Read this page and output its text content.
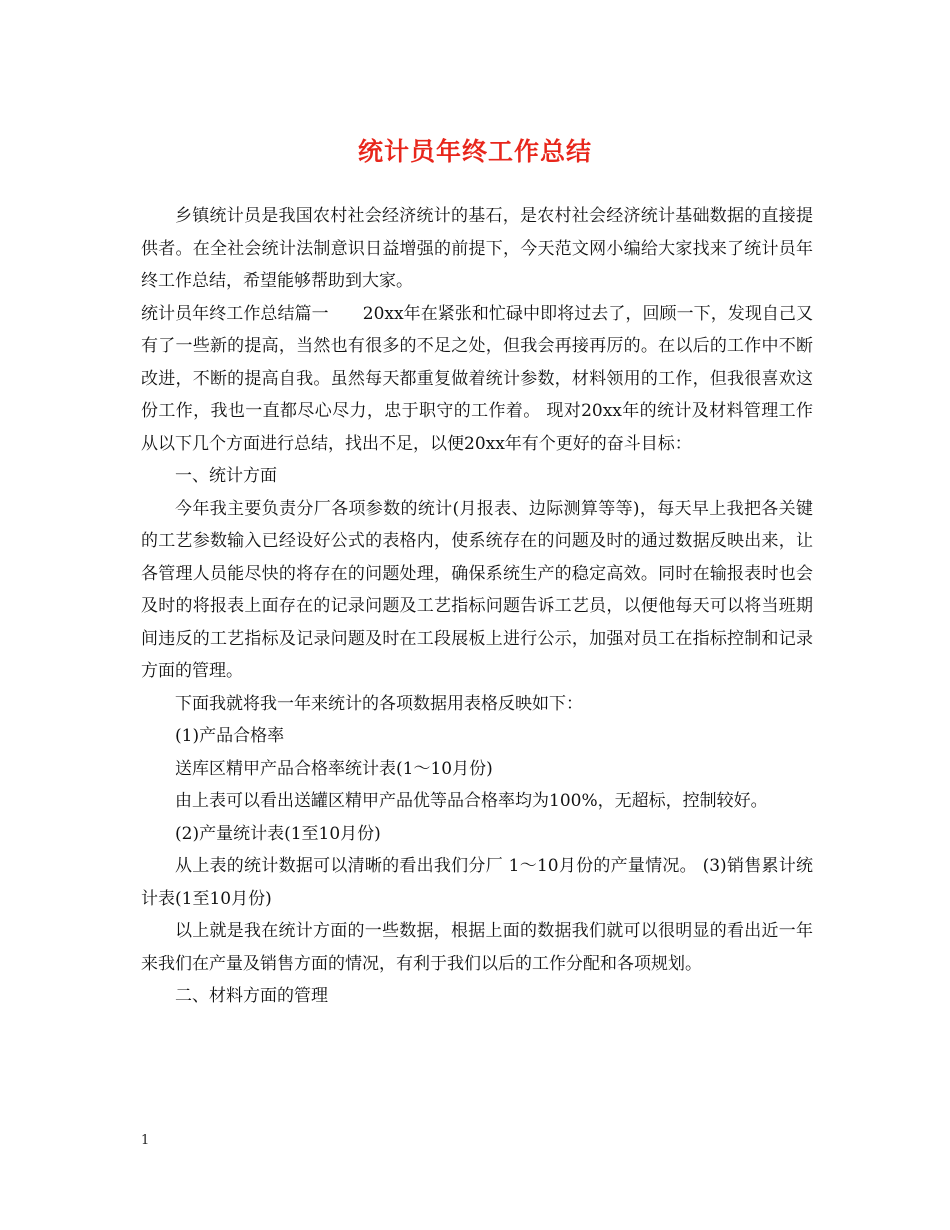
统计员年终工作总结

乡镇统计员是我国农村社会经济统计的基石，是农村社会经济统计基础数据的直接提供者。在全社会统计法制意识日益增强的前提下，今天范文网小编给大家找来了统计员年终工作总结，希望能够帮助到大家。

统计员年终工作总结篇一　　20xx年在紧张和忙碌中即将过去了，回顾一下，发现自己又有了一些新的提高，当然也有很多的不足之处，但我会再接再厉的。在以后的工作中不断改进，不断的提高自我。虽然每天都重复做着统计参数，材料领用的工作，但我很喜欢这份工作，我也一直都尽心尽力，忠于职守的工作着。 现对20xx年的统计及材料管理工作从以下几个方面进行总结，找出不足，以便20xx年有个更好的奋斗目标：

一、统计方面

今年我主要负责分厂各项参数的统计(月报表、边际测算等等)，每天早上我把各关键的工艺参数输入已经设好公式的表格内，使系统存在的问题及时的通过数据反映出来，让各管理人员能尽快的将存在的问题处理，确保系统生产的稳定高效。同时在输报表时也会及时的将报表上面存在的记录问题及工艺指标问题告诉工艺员，以便他每天可以将当班期间违反的工艺指标及记录问题及时在工段展板上进行公示，加强对员工在指标控制和记录方面的管理。

下面我就将我一年来统计的各项数据用表格反映如下：

(1)产品合格率

送库区精甲产品合格率统计表(1～10月份)

由上表可以看出送罐区精甲产品优等品合格率均为100%，无超标，控制较好。

(2)产量统计表(1至10月份)

从上表的统计数据可以清晰的看出我们分厂 1～10月份的产量情况。 (3)销售累计统计表(1至10月份)

以上就是我在统计方面的一些数据，根据上面的数据我们就可以很明显的看出近一年来我们在产量及销售方面的情况，有利于我们以后的工作分配和各项规划。

二、材料方面的管理

1
